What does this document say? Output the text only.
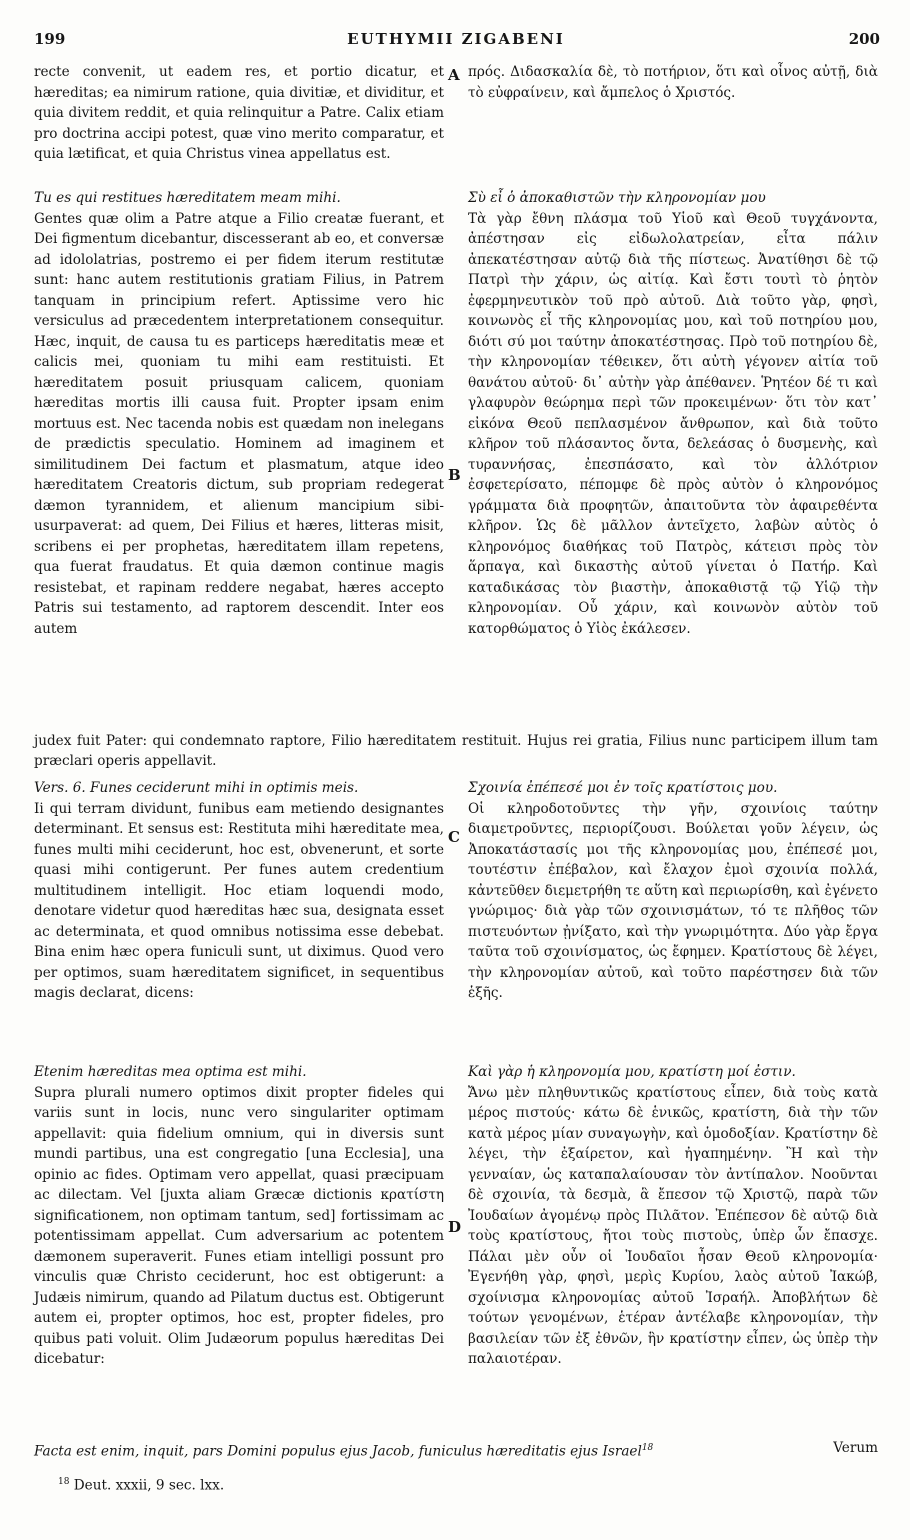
199	EUTHYMII ZIGABENI	200

recte convenit, ut eadem res, et portio dicatur, et hæreditas; ea nimirum ratione, quia divitiæ, et dividitur, et quia divitem reddit, et quia relinquitur a Patre. Calix etiam pro doctrina accipi potest, quæ vino merito comparatur, et quia lætificat, et quia Christus vinea appellatus est.

πρός. Διδασκαλία δὲ, τὸ ποτήριον, ὅτι καὶ οἶνος αὐτῇ, διὰ τὸ εὐφραίνειν, καὶ ἄμπελος ὁ Χριστός.

A

Tu es qui restitues hæreditatem meam mihi.

Gentes quæ olim a Patre atque a Filio creatæ fuerant, et Dei figmentum dicebantur, discesserant ab eo, et conversæ ad idololatrias, postremo ei per fidem iterum restitutæ sunt: hanc autem restitutionis gratiam Filius, in Patrem tanquam in principium refert. Aptissime vero hic versiculus ad præcedentem interpretationem consequitur. Hæc, inquit, de causa tu es particeps hæreditatis meæ et calicis mei, quoniam tu mihi eam restituisti. Et hæreditatem posuit priusquam calicem, quoniam hæreditas mortis illi causa fuit. Propter ipsam enim mortuus est. Nec tacenda nobis est quædam non inelegans de prædictis speculatio. Hominem ad imaginem et similitudinem Dei factum et plasmatum, atque ideo hæreditatem Creatoris dictum, sub propriam redegerat dæmon tyrannidem, et alienum mancipium sibi-usurpaverat: ad quem, Dei Filius et hæres, litteras misit, scribens ei per prophetas, hæreditatem illam repetens, qua fuerat fraudatus. Et quia dæmon continue magis resistebat, et rapinam reddere negabat, hæres accepto Patris sui testamento, ad raptorem descendit. Inter eos autem

Σὺ εἶ ὁ ἀποκαθιστῶν τὴν κληρονομίαν μου

Τὰ γὰρ ἔθνη πλάσμα τοῦ Υἱοῦ καὶ Θεοῦ τυγχάνοντα, ἀπέστησαν εἰς εἰδωλολατρείαν, εἶτα πάλιν ἀπεκατέστησαν αὐτῷ διὰ τῆς πίστεως. Ἀνατίθησι δὲ τῷ Πατρὶ τὴν χάριν, ὡς αἰτίᾳ. Καὶ ἔστι τουτὶ τὸ ῥητὸν ἐφερμηνευτικὸν τοῦ πρὸ αὐτοῦ. Διὰ τοῦτο γὰρ, φησὶ, κοινωνὸς εἶ τῆς κληρονομίας μου, καὶ τοῦ ποτηρίου μου, διότι σύ μοι ταύτην ἀποκατέστησας. Πρὸ τοῦ ποτηρίου δὲ, τὴν κληρονομίαν τέθεικεν, ὅτι αὐτὴ γέγονεν αἰτία τοῦ θανάτου αὐτοῦ· δι᾿ αὐτὴν γὰρ ἀπέθανεν. Ῥητέον δέ τι καὶ γλαφυρὸν θεώρημα περὶ τῶν προκειμένων· ὅτι τὸν κατ᾿ εἰκόνα Θεοῦ πεπλασμένον ἄνθρωπον, καὶ διὰ τοῦτο κλῆρον τοῦ πλάσαντος ὄντα, δελεάσας ὁ δυσμενὴς, καὶ τυραννήσας, ἐπεσπάσατο, καὶ τὸν ἀλλότριον ἐσφετερίσατο, πέπομφε δὲ πρὸς αὐτὸν ὁ κληρονόμος γράμματα διὰ προφητῶν, ἀπαιτοῦντα τὸν ἀφαιρεθέντα κλῆρον. Ὡς δὲ μᾶλλον ἀντεῖχετο, λαβὼν αὐτὸς ὁ κληρονόμος διαθήκας τοῦ Πατρὸς, κάτεισι πρὸς τὸν ἅρπαγα, καὶ δικαστὴς αὐτοῦ γίνεται ὁ Πατήρ. Καὶ καταδικάσας τὸν βιαστὴν, ἀποκαθιστᾷ τῷ Υἱῷ τὴν κληρονομίαν. Οὗ χάριν, καὶ κοινωνὸν αὐτὸν τοῦ κατορθώματος ὁ Υἱὸς ἐκάλεσεν.

B
judex fuit Pater: qui condemnato raptore, Filio hæreditatem restituit. Hujus rei gratia, Filius nunc participem illum tam præclari operis appellavit.

Vers. 6. Funes ceciderunt mihi in optimis meis.

Ii qui terram dividunt, funibus eam metiendo designantes determinant. Et sensus est: Restituta mihi hæreditate mea, funes multi mihi ceciderunt, hoc est, obvenerunt, et sorte quasi mihi contigerunt. Per funes autem credentium multitudinem intelligit. Hoc etiam loquendi modo, denotare videtur quod hæreditas hæc sua, designata esset ac determinata, et quod omnibus notissima esse debebat. Bina enim hæc opera funiculi sunt, ut diximus. Quod vero per optimos, suam hæreditatem significet, in sequentibus magis declarat, dicens:

Σχοινία ἐπέπεσέ μοι ἐν τοῖς κρατίστοις μου.

Οἱ κληροδοτοῦντες τὴν γῆν, σχοινίοις ταύτην διαμετροῦντες, περιορίζουσι. Βούλεται γοῦν λέγειν, ὡς Ἀποκατάστασίς μοι τῆς κληρονομίας μου, ἐπέπεσέ μοι, τουτέστιν ἐπέβαλον, καὶ ἔλαχον ἐμοὶ σχοινία πολλά, κἀντεῦθεν διεμετρήθη τε αὕτη καὶ περιωρίσθη, καὶ ἐγένετο γνώριμος· διὰ γὰρ τῶν σχοινισμάτων, τό τε πλῆθος τῶν πιστευόντων ᾐνίξατο, καὶ τὴν γνωριμότητα. Δύο γὰρ ἔργα ταῦτα τοῦ σχοινίσματος, ὡς ἔφημεν. Κρατίστους δὲ λέγει, τὴν κληρονομίαν αὐτοῦ, καὶ τοῦτο παρέστησεν διὰ τῶν ἑξῆς.

C

Etenim hæreditas mea optima est mihi.

Supra plurali numero optimos dixit propter fideles qui variis sunt in locis, nunc vero singulariter optimam appellavit: quia fidelium omnium, qui in diversis sunt mundi partibus, una est congregatio [una Ecclesia], una opinio ac fides. Optimam vero appellat, quasi præcipuam ac dilectam. Vel [juxta aliam Græcæ dictionis κρατίστη significationem, non optimam tantum, sed] fortissimam ac potentissimam appellat. Cum adversarium ac potentem dæmonem superaverit. Funes etiam intelligi possunt pro vinculis quæ Christo ceciderunt, hoc est obtigerunt: a Judæis nimirum, quando ad Pilatum ductus est. Obtigerunt autem ei, propter optimos, hoc est, propter fideles, pro quibus pati voluit. Olim Judæorum populus hæreditas Dei dicebatur:

Καὶ γὰρ ἡ κληρονομία μου, κρατίστη μοί ἐστιν.

Ἄνω μὲν πληθυντικῶς κρατίστους εἶπεν, διὰ τοὺς κατὰ μέρος πιστούς· κάτω δὲ ἑνικῶς, κρατίστη, διὰ τὴν τῶν κατὰ μέρος μίαν συναγωγὴν, καὶ ὁμοδοξίαν. Κρατίστην δὲ λέγει, τὴν ἐξαίρετον, καὶ ἠγαπημένην. Ἢ καὶ τὴν γενναίαν, ὡς καταπαλαίουσαν τὸν ἀντίπαλον. Νοοῦνται δὲ σχοινία, τὰ δεσμὰ, ἃ ἔπεσον τῷ Χριστῷ, παρὰ τῶν Ἰουδαίων ἀγομένῳ πρὸς Πιλᾶτον. Ἐπέπεσον δὲ αὐτῷ διὰ τοὺς κρατίστους, ἤτοι τοὺς πιστοὺς, ὑπὲρ ὧν ἔπασχε. Πάλαι μὲν οὖν οἱ Ἰουδαῖοι ἦσαν Θεοῦ κληρονομία· Ἐγενήθη γὰρ, φησὶ, μερὶς Κυρίου, λαὸς αὐτοῦ Ἰακώβ, σχοίνισμα κληρονομίας αὐτοῦ Ἰσραήλ. Ἀποβλήτων δὲ τούτων γενομένων, ἑτέραν ἀντέλαβε κληρονομίαν, τὴν βασιλείαν τῶν ἐξ ἐθνῶν, ἣν κρατίστην εἶπεν, ὡς ὑπὲρ τὴν παλαιοτέραν.

D
Facta est enim, inquit, pars Domini populus ejus Jacob, funiculus hæreditatis ejus Israel$^{18}$	Verum
$^{18}$ Deut. xxxii, 9 sec. lxx.
